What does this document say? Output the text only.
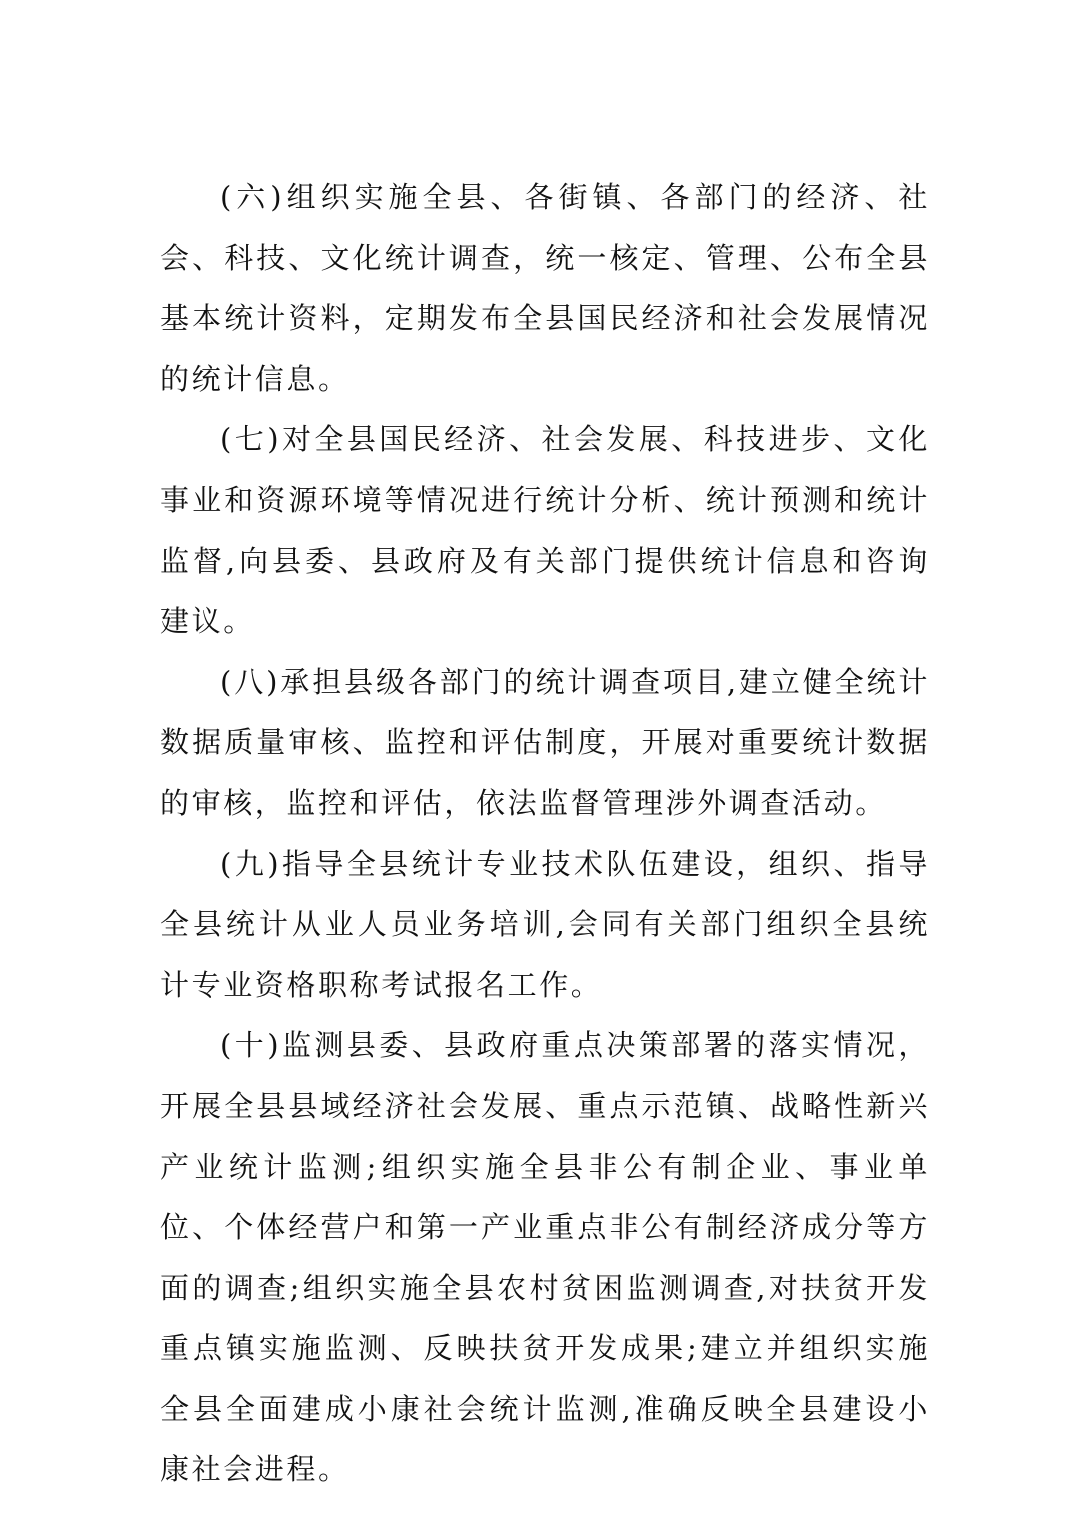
(六)组织实施全县、各街镇、各部门的经济、社会、科技、文化统计调查，统一核定、管理、公布全县基本统计资料，定期发布全县国民经济和社会发展情况的统计信息。

(七)对全县国民经济、社会发展、科技进步、文化事业和资源环境等情况进行统计分析、统计预测和统计监督,向县委、县政府及有关部门提供统计信息和咨询建议。

(八)承担县级各部门的统计调查项目,建立健全统计数据质量审核、监控和评估制度，开展对重要统计数据的审核，监控和评估，依法监督管理涉外调查活动。

(九)指导全县统计专业技术队伍建设，组织、指导全县统计从业人员业务培训,会同有关部门组织全县统计专业资格职称考试报名工作。

(十)监测县委、县政府重点决策部署的落实情况，开展全县县域经济社会发展、重点示范镇、战略性新兴产业统计监测;组织实施全县非公有制企业、事业单位、个体经营户和第一产业重点非公有制经济成分等方面的调查;组织实施全县农村贫困监测调查,对扶贫开发重点镇实施监测、反映扶贫开发成果;建立并组织实施全县全面建成小康社会统计监测,准确反映全县建设小康社会进程。
